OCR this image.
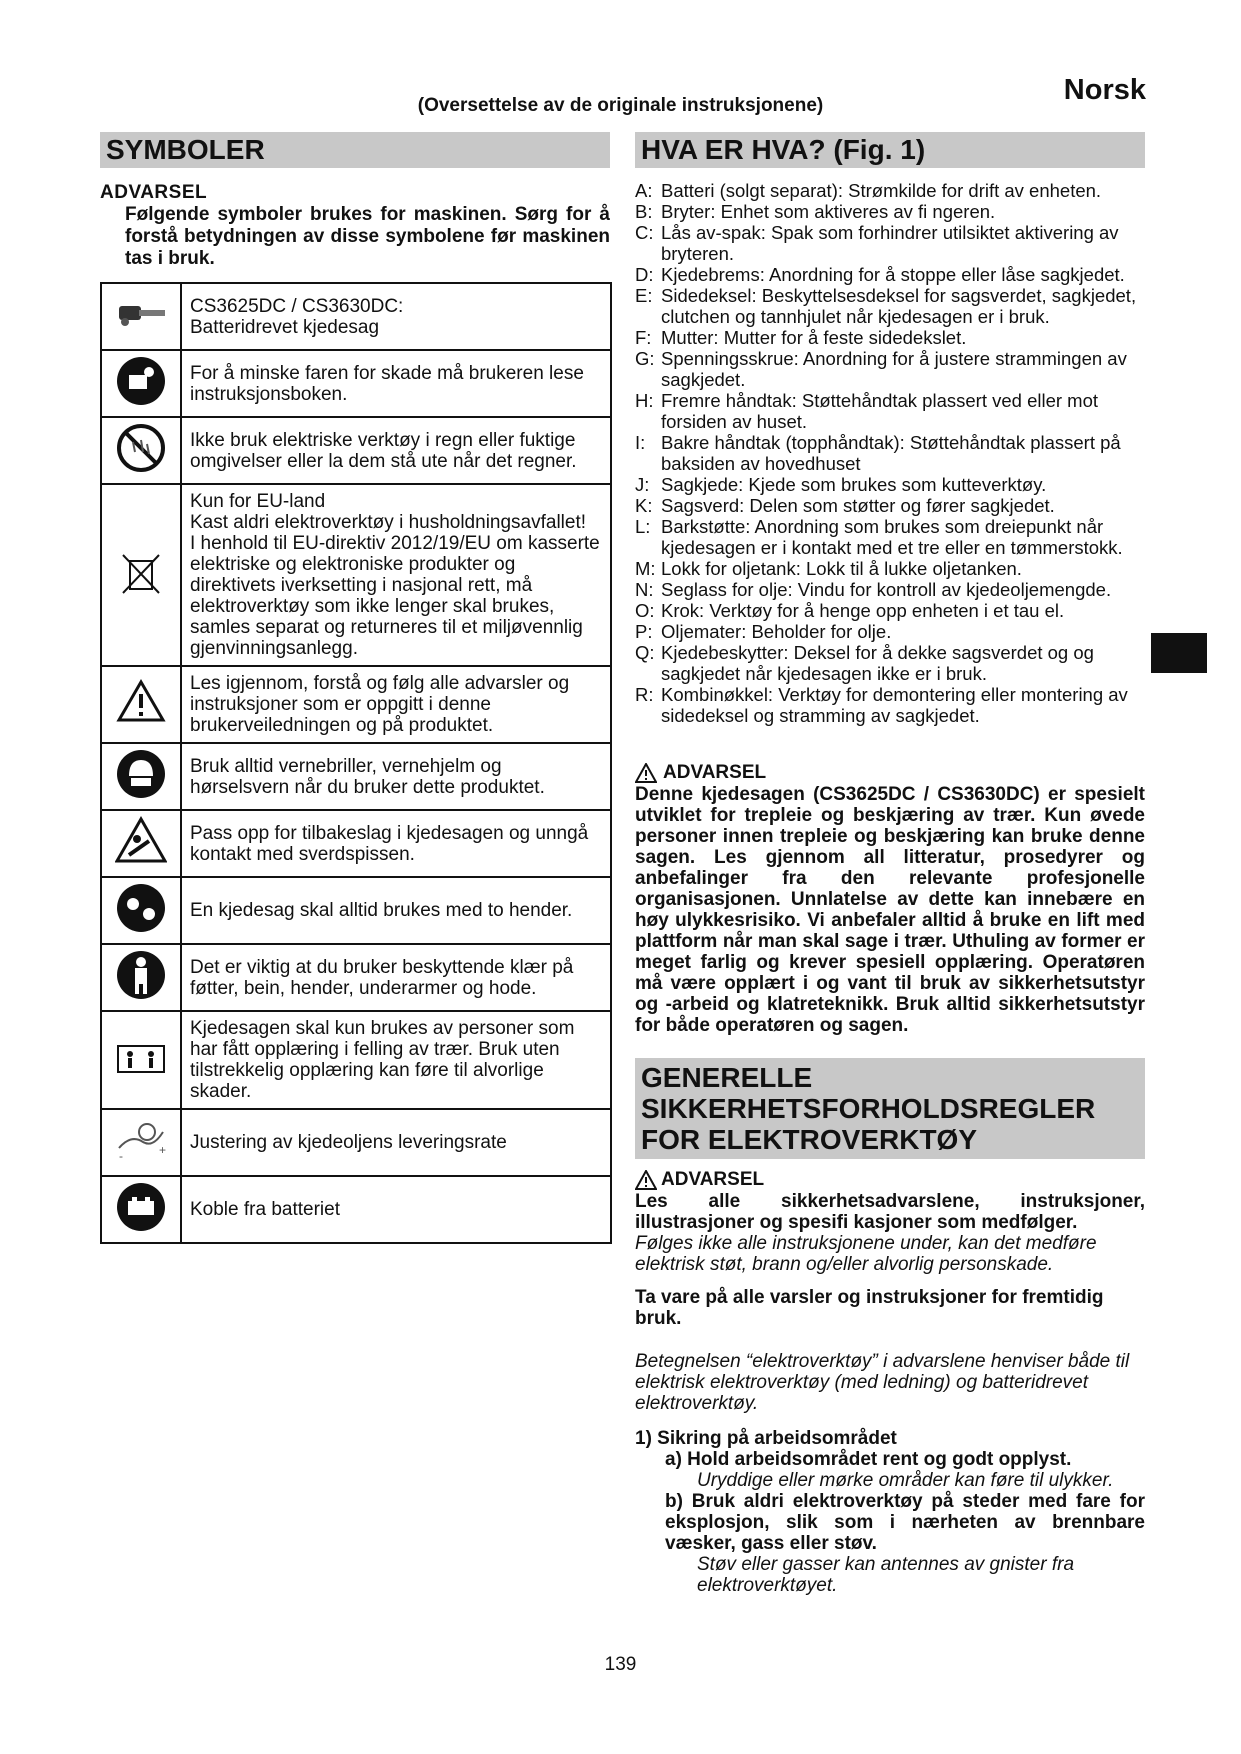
(Oversettelse av de originale instruksjonene)	Norsk
SYMBOLER
ADVARSEL
Følgende symboler brukes for maskinen. Sørg for å forstå betydningen av disse symbolene før maskinen tas i bruk.
	CS3625DC / CS3630DC:
Batteridrevet kjedesag
	For å minske faren for skade må brukeren lese instruksjonsboken.
	Ikke bruk elektriske verktøy i regn eller fuktige omgivelser eller la dem stå ute når det regner.
	Kun for EU-land
Kast aldri elektroverktøy i husholdningsavfallet!
I henhold til EU-direktiv 2012/19/EU om kasserte elektriske og elektroniske produkter og direktivets iverksetting i nasjonal rett, må elektroverktøy som ikke lenger skal brukes, samles separat og returneres til et miljøvennlig gjenvinningsanlegg.
	Les igjennom, forstå og følg alle advarsler og instruksjoner som er oppgitt i denne brukerveiledningen og på produktet.
	Bruk alltid vernebriller, vernehjelm og hørselsvern når du bruker dette produktet.
	Pass opp for tilbakeslag i kjedesagen og unngå kontakt med sverdspissen.
	En kjedesag skal alltid brukes med to hender.
	Det er viktig at du bruker beskyttende klær på føtter, bein, hender, underarmer og hode.
	Kjedesagen skal kun brukes av personer som har fått opplæring i felling av trær. Bruk uten tilstrekkelig opplæring kan føre til alvorlige skader.

+
-	Justering av kjedeoljens leveringsrate
	Koble fra batteriet
HVA ER HVA? (Fig. 1)
A: Batteri (solgt separat): Strømkilde for drift av enheten.
B: Bryter: Enhet som aktiveres av fi ngeren.
C: Lås av-spak: Spak som forhindrer utilsiktet aktivering av bryteren.
D: Kjedebrems: Anordning for å stoppe eller låse sagkjedet.
E: Sidedeksel: Beskyttelsesdeksel for sagsverdet, sagkjedet, clutchen og tannhjulet når kjedesagen er i bruk.
F: Mutter: Mutter for å feste sidedekslet.
G: Spenningsskrue: Anordning for å justere strammingen av sagkjedet.
H: Fremre håndtak: Støttehåndtak plassert ved eller mot forsiden av huset.
I: Bakre håndtak (topphåndtak): Støttehåndtak plassert på baksiden av hovedhuset
J: Sagkjede: Kjede som brukes som kutteverktøy.
K: Sagsverd: Delen som støtter og fører sagkjedet.
L: Barkstøtte: Anordning som brukes som dreiepunkt når kjedesagen er i kontakt med et tre eller en tømmerstokk.
M: Lokk for oljetank: Lokk til å lukke oljetanken.
N: Seglass for olje: Vindu for kontroll av kjedeoljemengde.
O: Krok: Verktøy for å henge opp enheten i et tau el.
P: Oljemater: Beholder for olje.
Q: Kjedebeskytter: Deksel for å dekke sagsverdet og og sagkjedet når kjedesagen ikke er i bruk.
R: Kombinøkkel: Verktøy for demontering eller montering av sidedeksel og stramming av sagkjedet.
ADVARSEL
Denne kjedesagen (CS3625DC / CS3630DC) er spesielt utviklet for trepleie og beskjæring av trær. Kun øvede personer innen trepleie og beskjæring kan bruke denne sagen. Les gjennom all litteratur, prosedyrer og anbefalinger fra den relevante profesjonelle organisasjonen. Unnlatelse av dette kan innebære en høy ulykkesrisiko. Vi anbefaler alltid å bruke en lift med plattform når man skal sage i trær. Uthuling av former er meget farlig og krever spesiell opplæring. Operatøren må være opplært i og vant til bruk av sikkerhetsutstyr og -arbeid og klatreteknikk. Bruk alltid sikkerhetsutstyr for både operatøren og sagen.
GENERELLE
SIKKERHETSFORHOLDSREGLER
FOR ELEKTROVERKTØY
ADVARSEL
Les alle sikkerhetsadvarslene, instruksjoner, illustrasjoner og spesifi kasjoner som medfølger.
Følges ikke alle instruksjonene under, kan det medføre elektrisk støt, brann og/eller alvorlig personskade.
Ta vare på alle varsler og instruksjoner for fremtidig bruk.
Betegnelsen “elektroverktøy” i advarslene henviser både til elektrisk elektroverktøy (med ledning) og batteridrevet elektroverktøy.
1) Sikring på arbeidsområdet
a) Hold arbeidsområdet rent og godt opplyst.
Uryddige eller mørke områder kan føre til ulykker.
b) Bruk aldri elektroverktøy på steder med fare for eksplosjon, slik som i nærheten av brennbare væsker, gass eller støv.
Støv eller gasser kan antennes av gnister fra elektroverktøyet.
139
